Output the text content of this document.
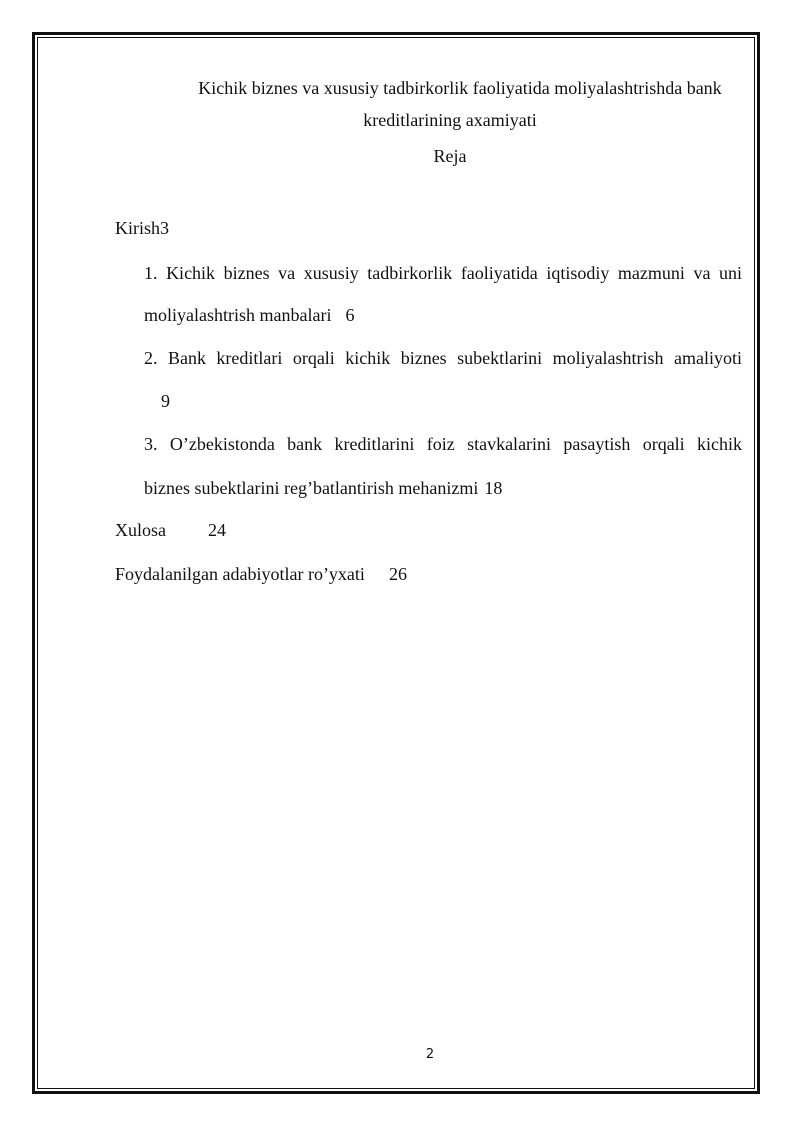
Kichik biznes va xususiy tadbirkorlik faoliyatida moliyalashtrishda bank
kreditlarining axamiyati
Reja
Kirish3
1. Kichik biznes va xususiy tadbirkorlik faoliyatida iqtisodiy mazmuni va uni
moliyalashtrish manbalari 6
2. Bank kreditlari orqali kichik biznes subektlarini moliyalashtrish amaliyoti
9
3. O’zbekistonda bank kreditlarini foiz stavkalarini pasaytish orqali kichik
biznes subektlarini reg’batlantirish mehanizmi 18
Xulosa 24
Foydalanilgan adabiyotlar ro’yxati 26
2
